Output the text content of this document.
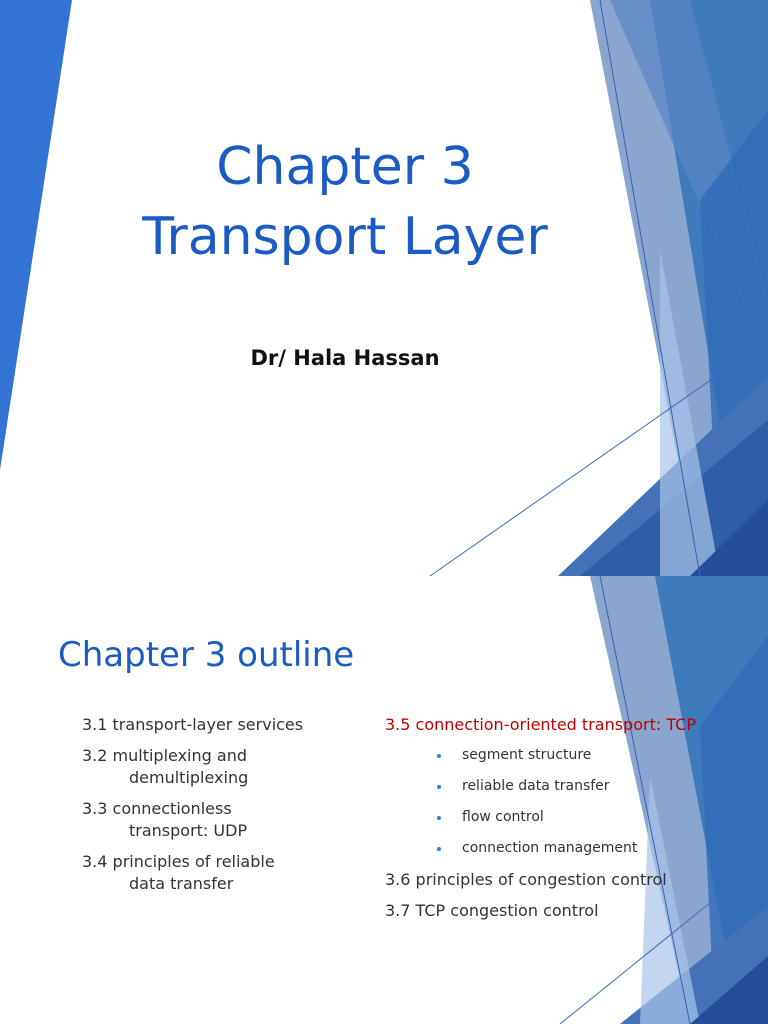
Chapter 3
Transport Layer
Dr/ Hala Hassan
Chapter 3 outline
3.1 transport-layer services
3.2 multiplexing and
demultiplexing
3.3 connectionless
transport: UDP
3.4 principles of reliable
data transfer
3.5 connection-oriented transport: TCP
segment structure
reliable data transfer
flow control
connection management
3.6 principles of congestion control
3.7 TCP congestion control
